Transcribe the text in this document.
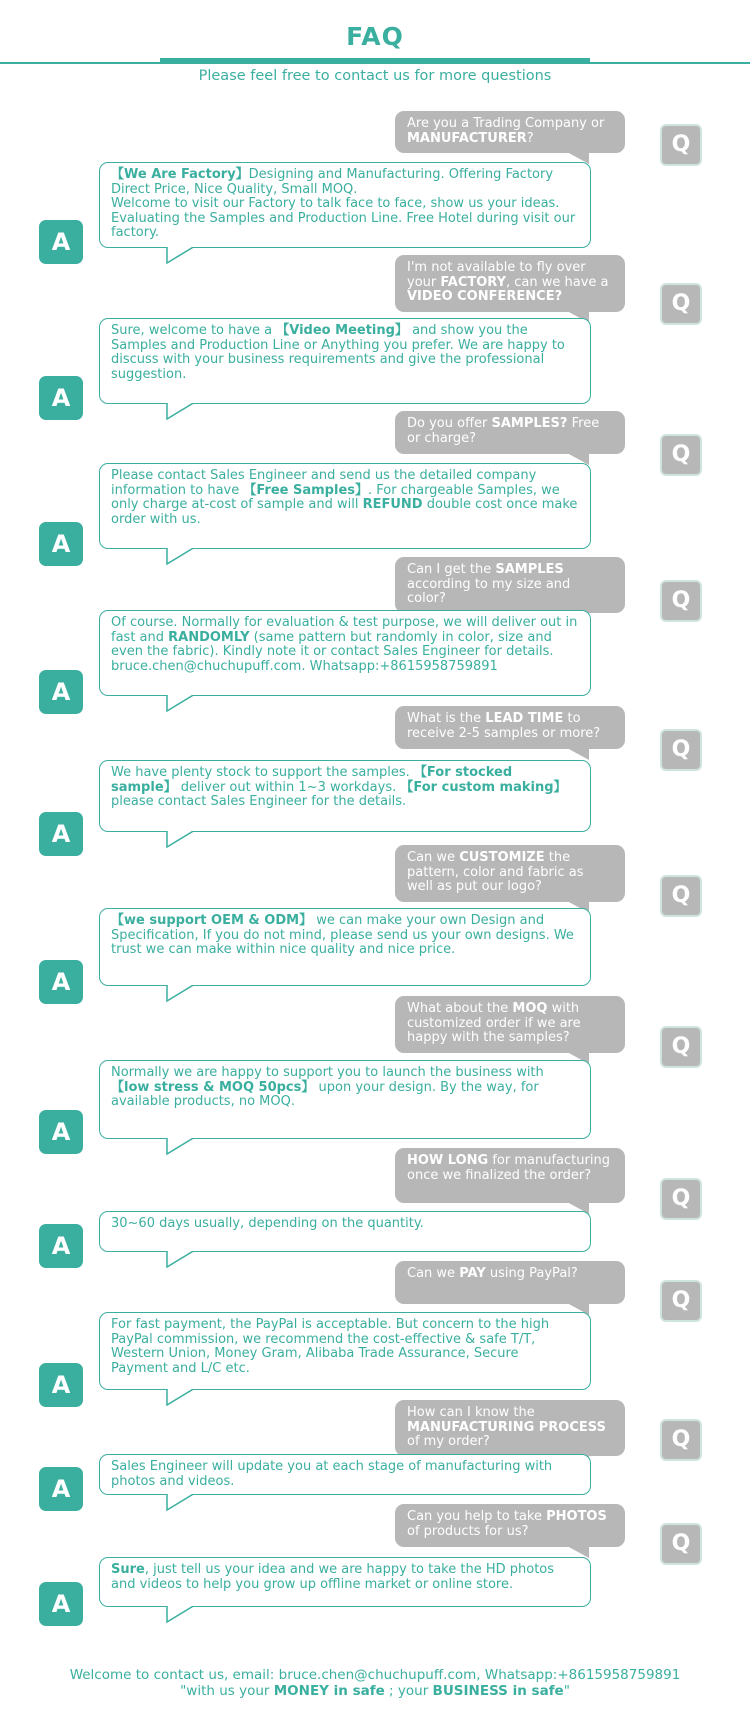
FAQ
Please feel free to contact us for more questions
Are you a Trading Company or MANUFACTURER?	Q
【We Are Factory】Designing and Manufacturing. Offering Factory Direct Price, Nice Quality, Small MOQ.
Welcome to visit our Factory to talk face to face, show us your ideas. Evaluating the Samples and Production Line. Free Hotel during visit our factory.
A
I'm not available to fly over your FACTORY, can we have a VIDEO CONFERENCE?	Q
Sure, welcome to have a 【Video Meeting】 and show you the Samples and Production Line or Anything you prefer. We are happy to discuss with your business requirements and give the professional suggestion.
A
Do you offer SAMPLES? Free or charge?
Q
Please contact Sales Engineer and send us the detailed company information to have 【Free Samples】. For chargeable Samples, we only charge at-cost of sample and will REFUND double cost once make order with us.
A
Can I get the SAMPLES according to my size and color?	Q
Of course. Normally for evaluation & test purpose, we will deliver out in fast and RANDOMLY (same pattern but randomly in color, size and even the fabric). Kindly note it or contact Sales Engineer for details.
bruce.chen@chuchupuff.com. Whatsapp:+8615958759891
A
What is the LEAD TIME to receive 2-5 samples or more?
Q
We have plenty stock to support the samples. 【For stocked sample】 deliver out within 1~3 workdays. 【For custom making】 please contact Sales Engineer for the details.
A
Can we CUSTOMIZE the pattern, color and fabric as well as put our logo?	Q
【we support OEM & ODM】 we can make your own Design and Specification, If you do not mind, please send us your own designs. We trust we can make within nice quality and nice price.
A
What about the MOQ with customized order if we are happy with the samples?	Q
Normally we are happy to support you to launch the business with 【low stress & MOQ 50pcs】 upon your design. By the way, for available products, no MOQ.
A
HOW LONG for manufacturing once we finalized the order?
Q
30~60 days usually, depending on the quantity.
A
Can we PAY using PayPal?
Q
For fast payment, the PayPal is acceptable. But concern to the high PayPal commission, we recommend the cost-effective & safe T/T, Western Union, Money Gram, Alibaba Trade Assurance, Secure Payment and L/C etc.
A
How can I know the MANUFACTURING PROCESS of my order?	Q
Sales Engineer will update you at each stage of manufacturing with photos and videos.
A
Can you help to take PHOTOS of products for us?	Q
Sure, just tell us your idea and we are happy to take the HD photos and videos to help you grow up offline market or online store.
A
Welcome to contact us, email: bruce.chen@chuchupuff.com, Whatsapp:+8615958759891
"with us your MONEY in safe ; your BUSINESS in safe"
